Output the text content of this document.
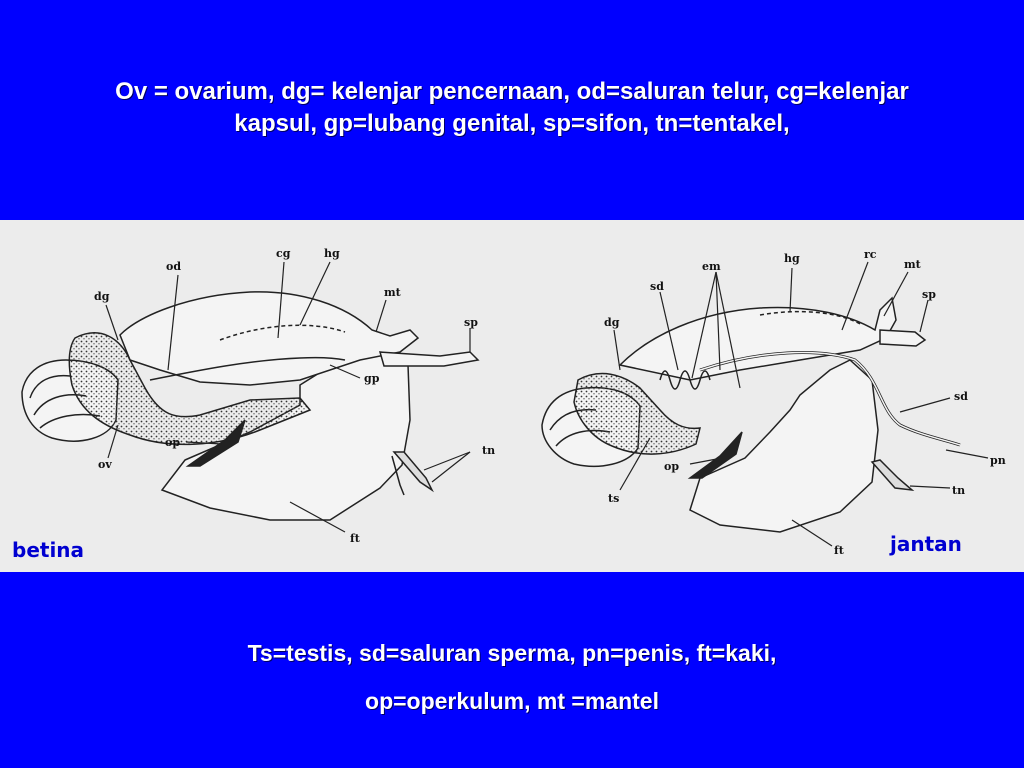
Ov = ovarium, dg= kelenjar pencernaan, od=saluran telur, cg=kelenjar
kapsul, gp=lubang genital, sp=sifon, tn=tentakel,
od
cg	hg
dg	mt
sp
gp
op
ov
tn
ft
em
hg	rc
mt
sd
sp
dg
sd
op	pn
ts
tn
ft
betina	jantan
Ts=testis, sd=saluran sperma, pn=penis, ft=kaki,
op=operkulum, mt =mantel
